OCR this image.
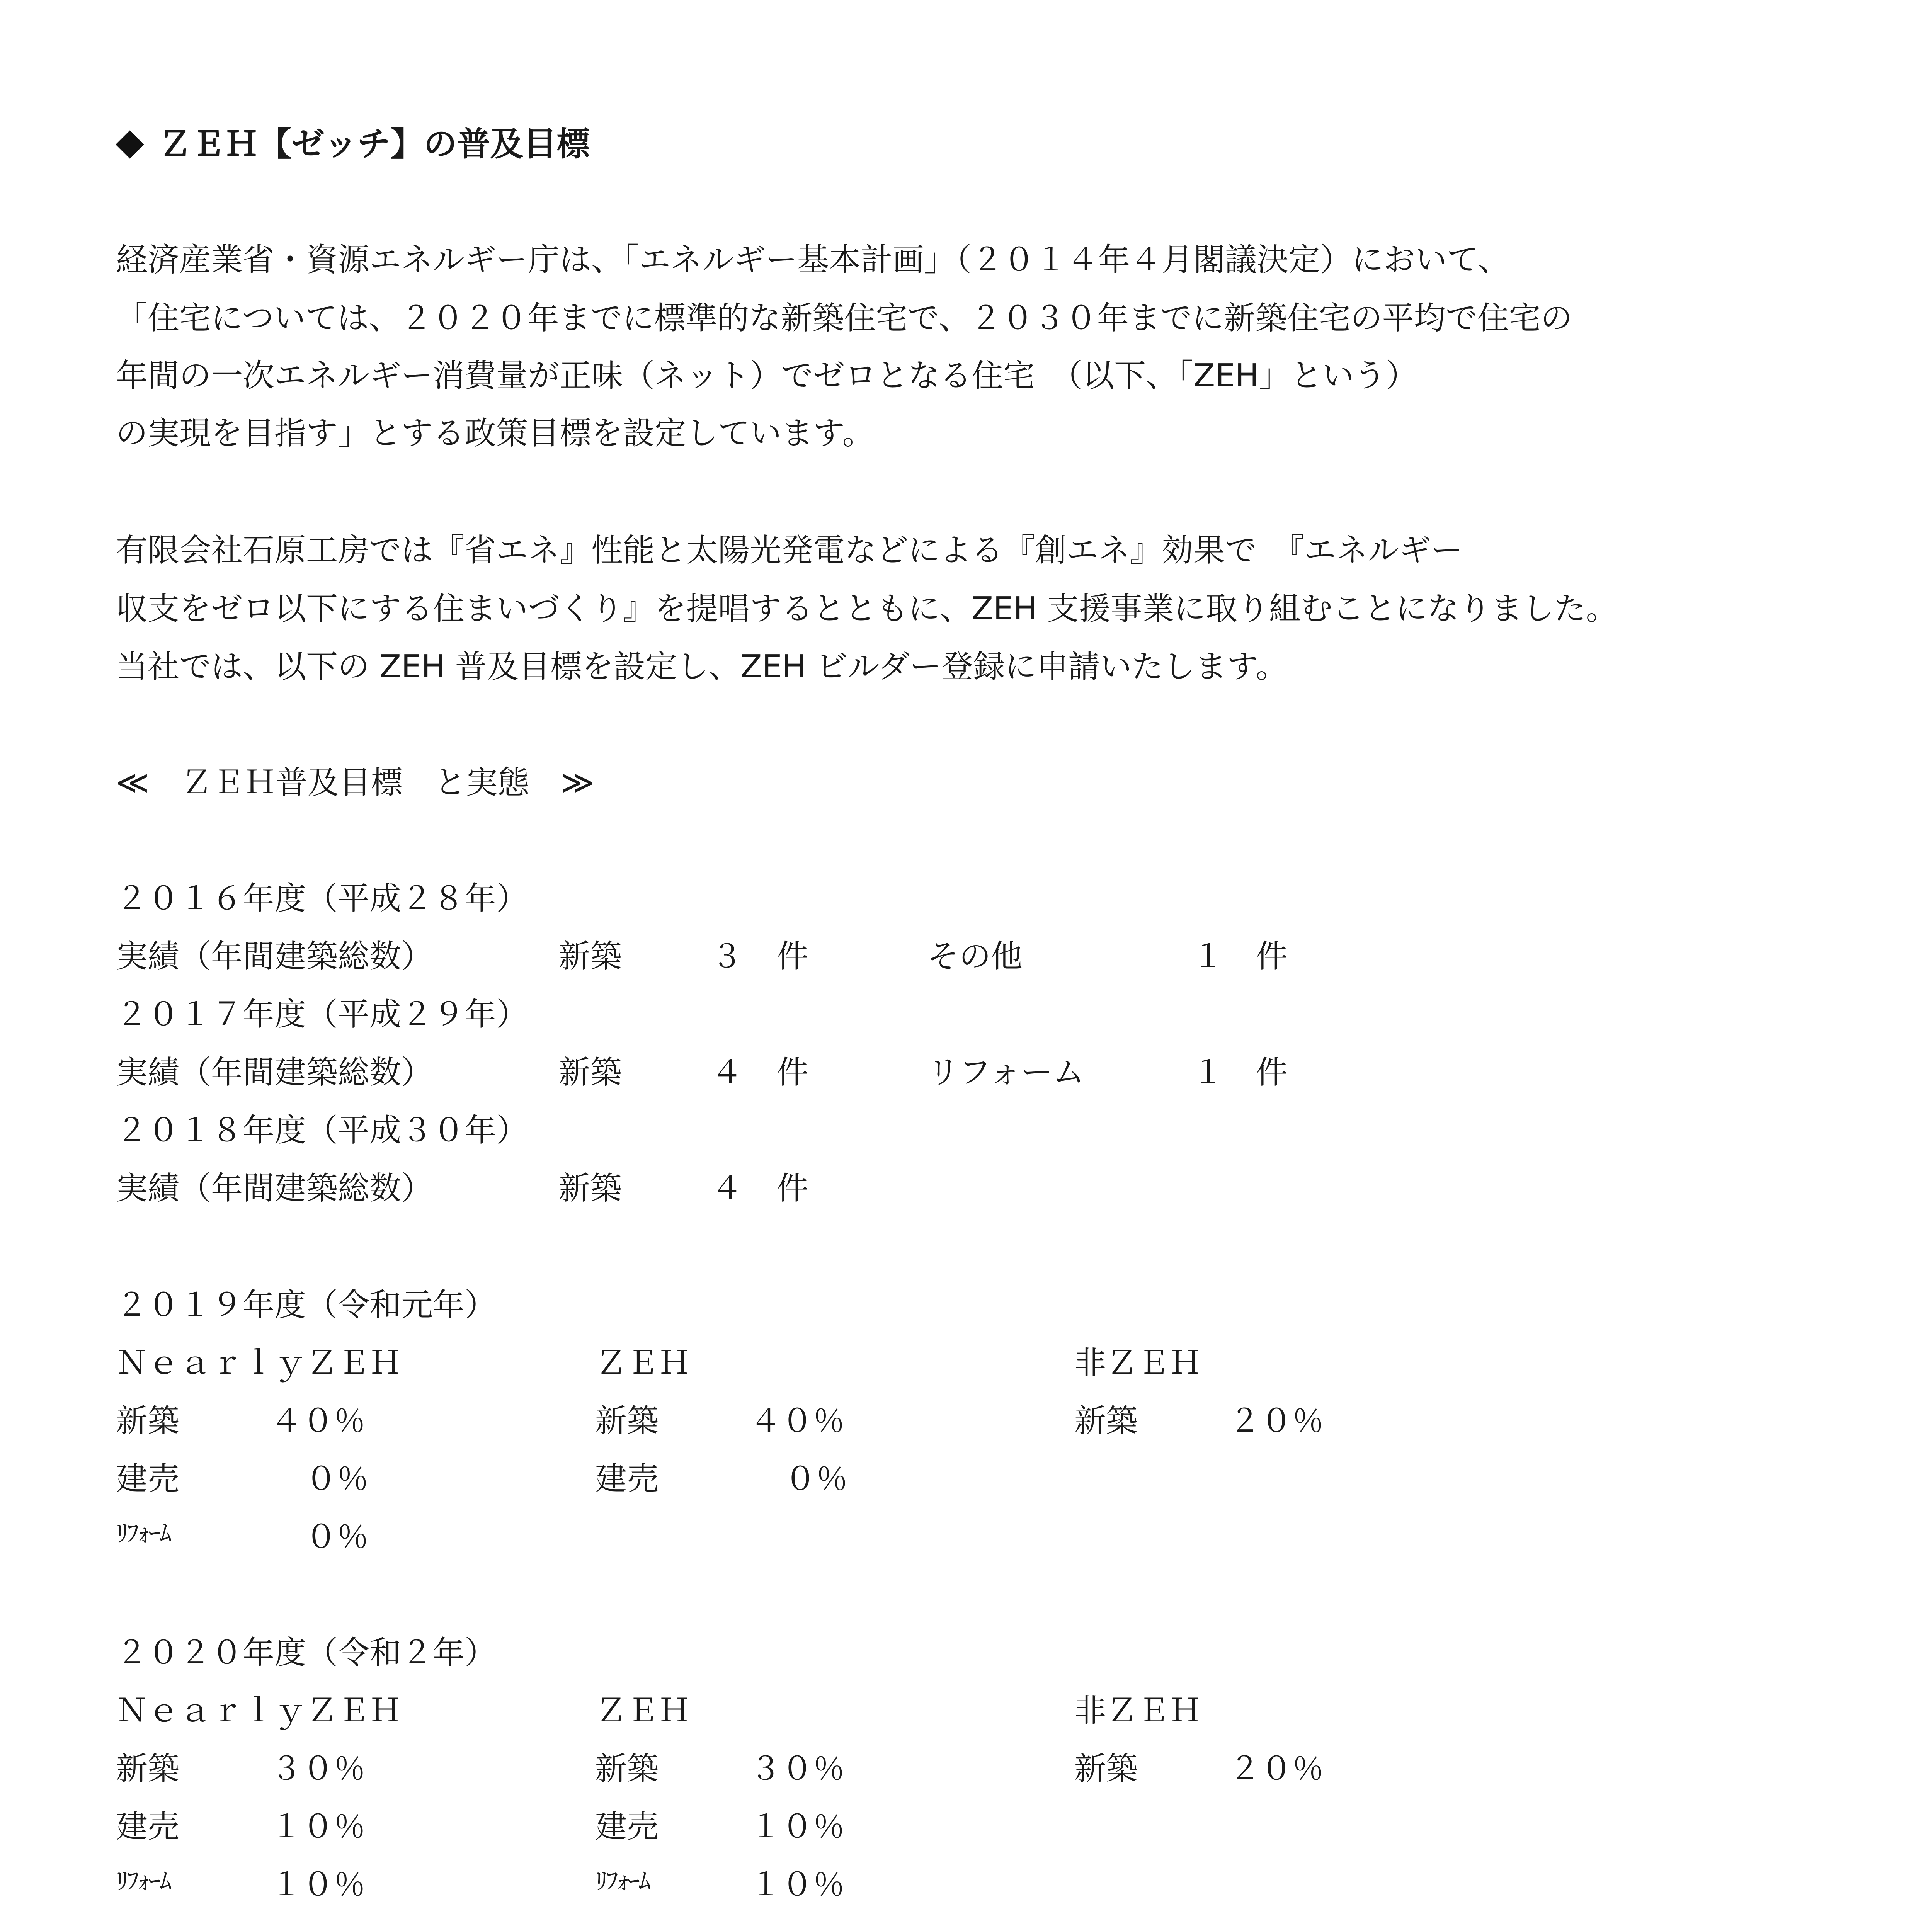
ＺＥＨ【ゼッチ】の普及目標
経済産業省・資源エネルギー庁は、「エネルギー基本計画」（２０１４年４月閣議決定）において、
「住宅については、２０２０年までに標準的な新築住宅で、２０３０年までに新築住宅の平均で住宅の
年間の一次エネルギー消費量が正味（ネット）でゼロとなる住宅　（以下、「ZEH」という）
の実現を目指す」とする政策目標を設定しています。
有限会社石原工房では『省エネ』性能と太陽光発電などによる『創エネ』効果で　『エネルギー
収支をゼロ以下にする住まいづくり』を提唱するとともに、ZEH 支援事業に取り組むことになりました。
当社では、以下の ZEH 普及目標を設定し、ZEH ビルダー登録に申請いたします。
≪　ＺＥＨ普及目標　と実態　≫
２０１６年度（平成２８年）
実績（年間建築総数）	新築	３ 件	その他	１ 件
２０１７年度（平成２９年）
実績（年間建築総数）	新築	４ 件	リフォーム	１ 件
２０１８年度（平成３０年）
実績（年間建築総数）	新築	４ 件
２０１９年度（令和元年）
ＮｅａｒｌｙＺＥＨ	ＺＥＨ	非ＺＥＨ
新築	４０％	新築	４０％	新築	２０％
建売	０％	建売	０％
ﾘﾌｫｰﾑ	０％
２０２０年度（令和２年）
ＮｅａｒｌｙＺＥＨ	ＺＥＨ	非ＺＥＨ
新築	３０％	新築	３０％	新築	２０％
建売	１０％	建売	１０％
ﾘﾌｫｰﾑ	１０％	ﾘﾌｫｰﾑ	１０％
